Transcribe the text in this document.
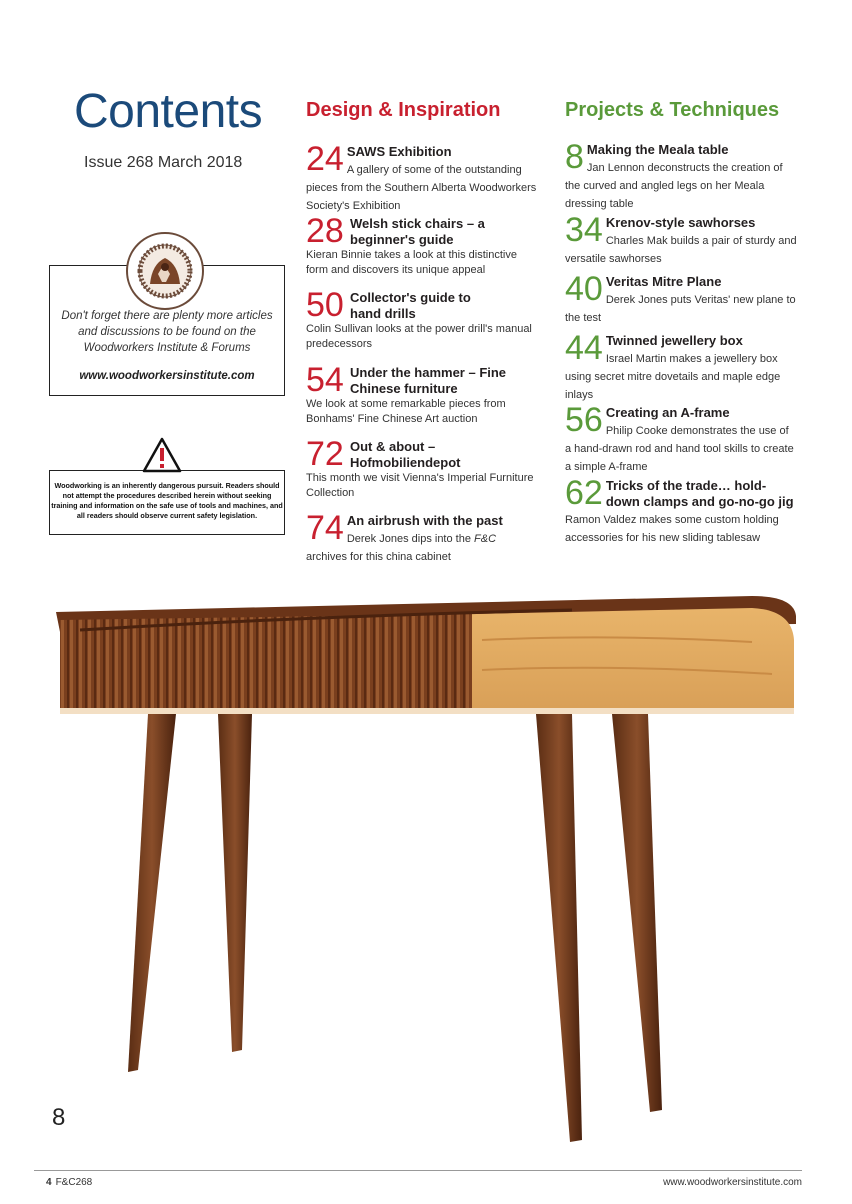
Contents
Issue 268 March 2018
Don't forget there are plenty more articles and discussions to be found on the Woodworkers Institute & Forums
www.woodworkersinstitute.com
Woodworking is an inherently dangerous pursuit. Readers should not attempt the procedures described herein without seeking training and information on the safe use of tools and machines, and all readers should observe current safety legislation.
Design & Inspiration	Projects & Techniques
24 SAWS Exhibition
A gallery of some of the outstanding pieces from the Southern Alberta Woodworkers Society's Exhibition
28 Welsh stick chairs – a beginner's guide
Kieran Binnie takes a look at this distinctive form and discovers its unique appeal
50 Collector's guide to hand drills
Colin Sullivan looks at the power drill's manual predecessors
54 Under the hammer – Fine Chinese furniture
We look at some remarkable pieces from Bonhams' Fine Chinese Art auction
72 Out & about – Hofmobiliendepot
This month we visit Vienna's Imperial Furniture Collection
74 An airbrush with the past
Derek Jones dips into the F&C archives for this china cabinet
8 Making the Meala table
Jan Lennon deconstructs the creation of the curved and angled legs on her Meala dressing table
34 Krenov-style sawhorses
Charles Mak builds a pair of sturdy and versatile sawhorses
40 Veritas Mitre Plane
Derek Jones puts Veritas' new plane to the test
44 Twinned jewellery box
Israel Martin makes a jewellery box using secret mitre dovetails and maple edge inlays
56 Creating an A-frame
Philip Cooke demonstrates the use of a hand-drawn rod and hand tool skills to create a simple A-frame
62 Tricks of the trade… hold-down clamps and go-no-go jig
Ramon Valdez makes some custom holding accessories for his new sliding tablesaw
8
4 F&C268	www.woodworkersinstitute.com
